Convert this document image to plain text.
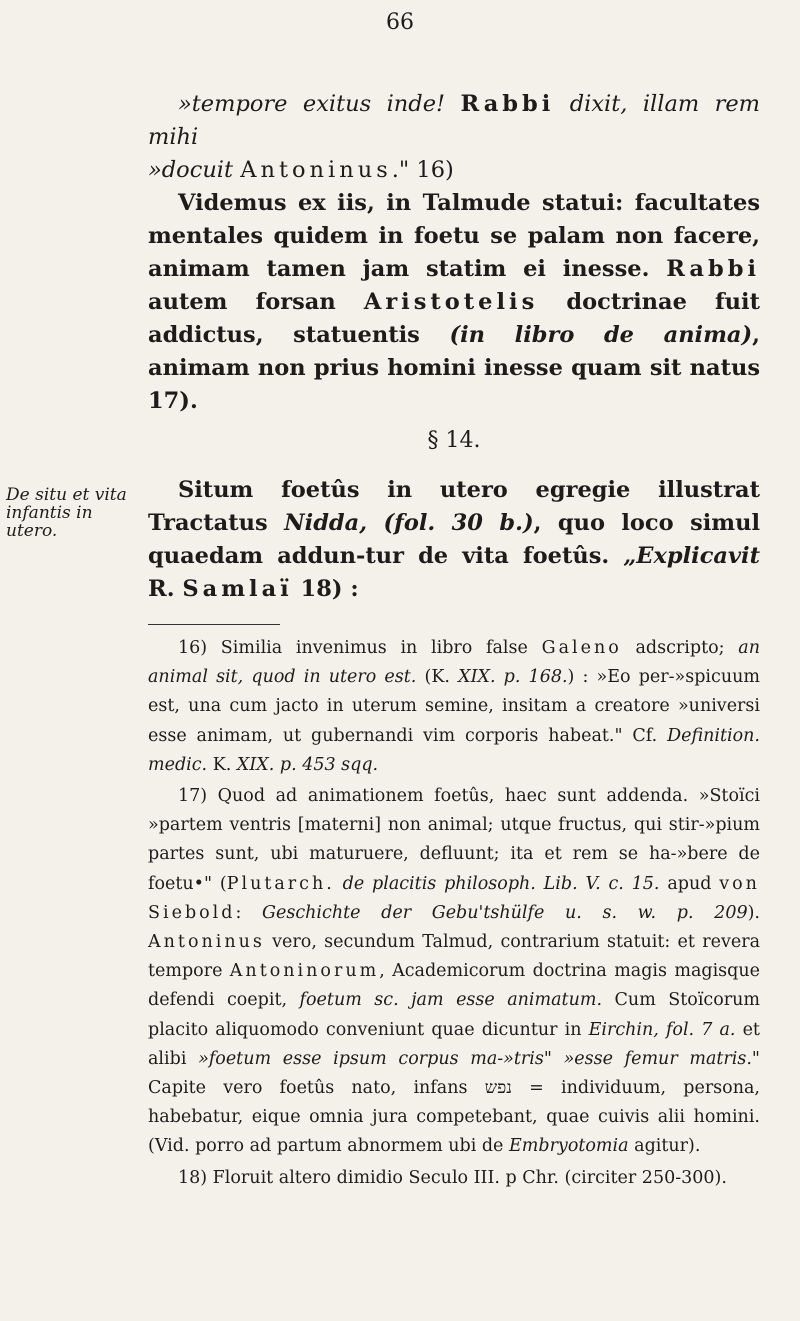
66

»tempore exitus inde! Rabbi dixit, illam rem mihi
»docuit Antoninus." 16)

Videmus ex iis, in Talmude statui: facultates mentales quidem in foetu se palam non facere, animam tamen jam statim ei inesse. Rabbi autem forsan Aristotelis doctrinae fuit addictus, statuentis (in libro de anima), animam non prius homini inesse quam sit natus 17).

§ 14.
De situ et vita infantis in utero.

Situm foetûs in utero egregie illustrat Tractatus Nidda, (fol. 30 b.), quo loco simul quaedam addun-tur de vita foetûs. „Explicavit R. Samlaï 18) :

16) Similia invenimus in libro false Galeno adscripto; an animal sit, quod in utero est. (K. XIX. p. 168.) : »Eo per-»spicuum est, una cum jacto in uterum semine, insitam a creatore »universi esse animam, ut gubernandi vim corporis habeat." Cf. Definition. medic. K. XIX. p. 453 sqq.

17) Quod ad animationem foetûs, haec sunt addenda. »Stoïci »partem ventris [materni] non animal; utque fructus, qui stir-»pium partes sunt, ubi maturuere, defluunt; ita et rem se ha-»bere de foetu•" (Plutarch. de placitis philosoph. Lib. V. c. 15. apud von Siebold: Geschichte der Gebu'tshülfe u. s. w. p. 209). Antoninus vero, secundum Talmud, contrarium statuit: et revera tempore Antoninorum, Academicorum doctrina magis magisque defendi coepit, foetum sc. jam esse animatum. Cum Stoïcorum placito aliquomodo conveniunt quae dicuntur in Eirchin, fol. 7 a. et alibi »foetum esse ipsum corpus ma-»tris" »esse femur matris." Capite vero foetûs nato, infans נפש = individuum, persona, habebatur, eique omnia jura competebant, quae cuivis alii homini. (Vid. porro ad partum abnormem ubi de Embryotomia agitur).

18) Floruit altero dimidio Seculo III. p Chr. (circiter 250-300).
